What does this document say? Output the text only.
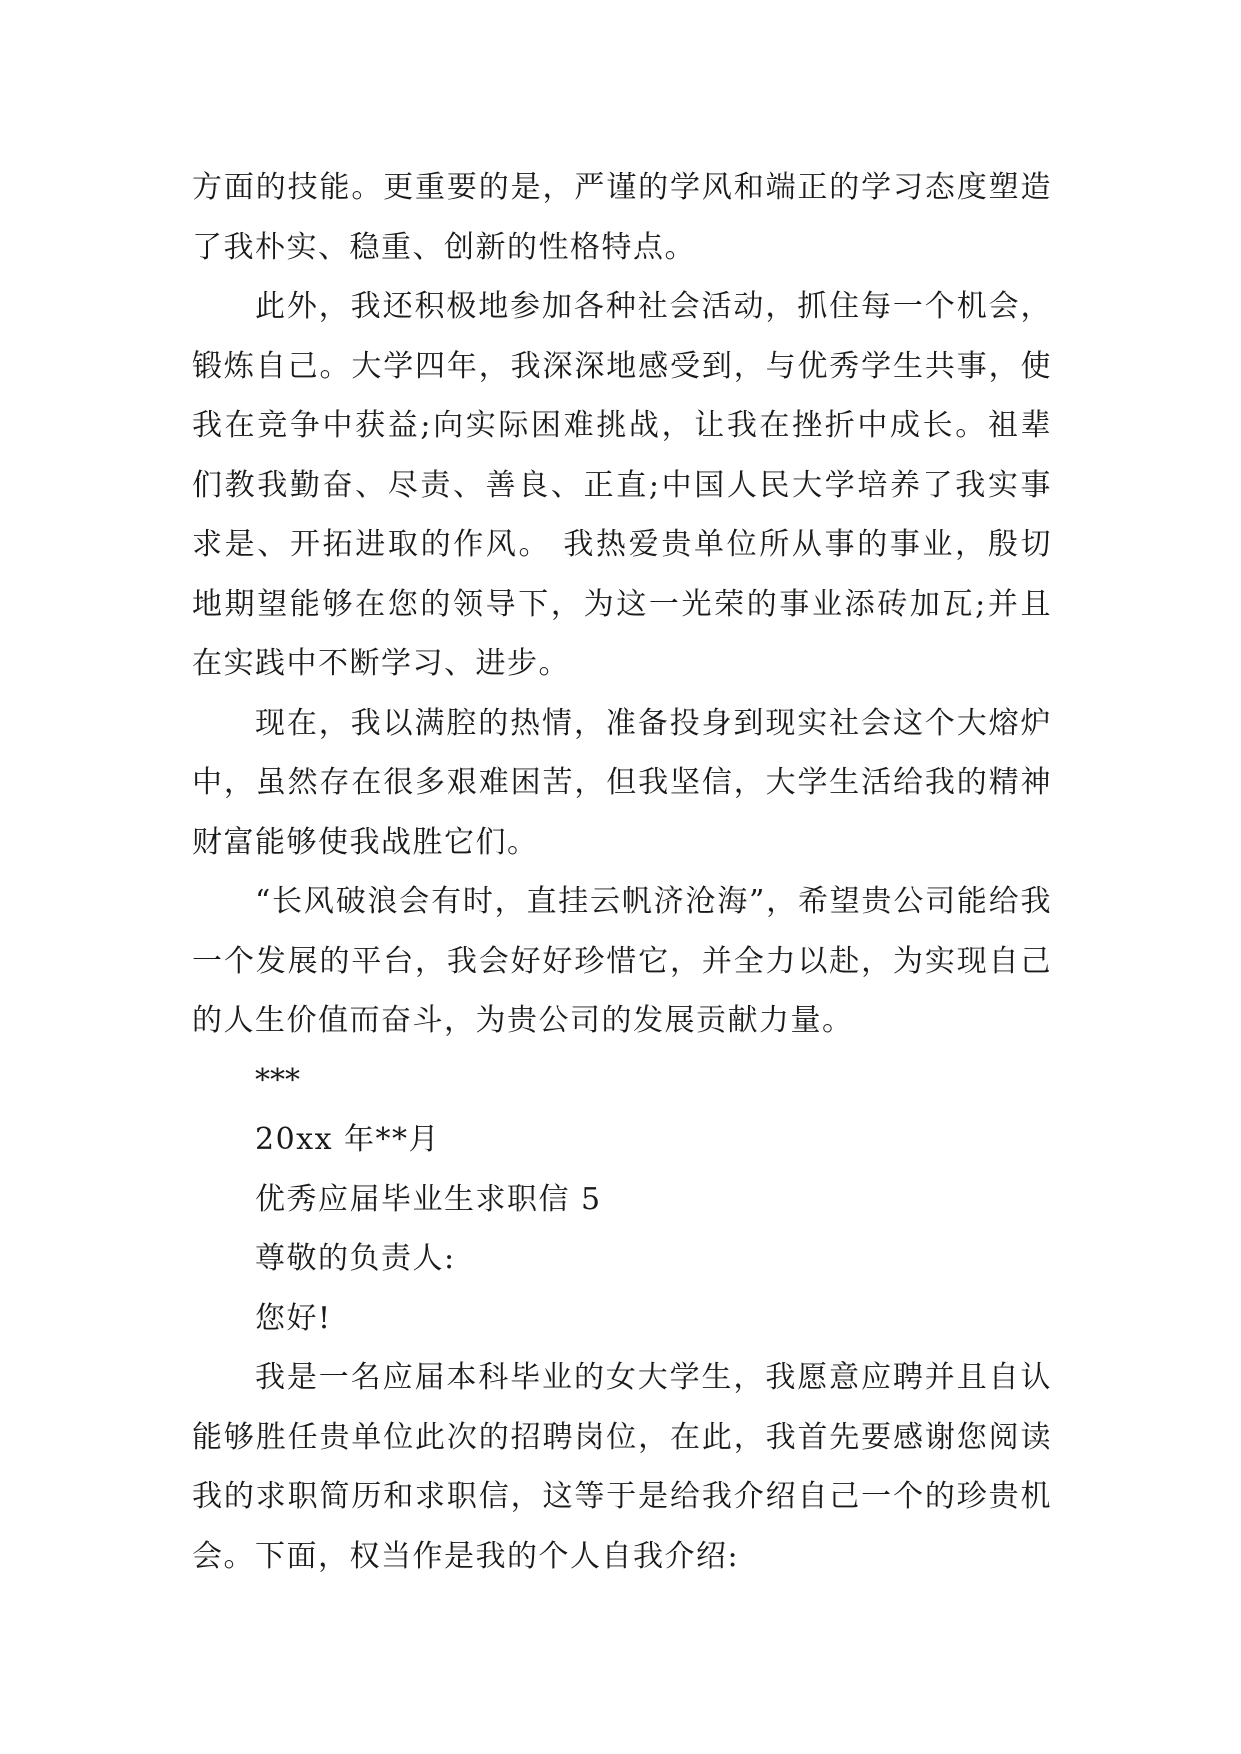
方面的技能。更重要的是，严谨的学风和端正的学习态度塑造了我朴实、稳重、创新的性格特点。

此外，我还积极地参加各种社会活动，抓住每一个机会，锻炼自己。大学四年，我深深地感受到，与优秀学生共事，使我在竞争中获益;向实际困难挑战，让我在挫折中成长。祖辈们教我勤奋、尽责、善良、正直;中国人民大学培养了我实事求是、开拓进取的作风。 我热爱贵单位所从事的事业，殷切地期望能够在您的领导下，为这一光荣的事业添砖加瓦;并且在实践中不断学习、进步。

现在，我以满腔的热情，准备投身到现实社会这个大熔炉中，虽然存在很多艰难困苦，但我坚信，大学生活给我的精神财富能够使我战胜它们。

“长风破浪会有时，直挂云帆济沧海”，希望贵公司能给我一个发展的平台，我会好好珍惜它，并全力以赴，为实现自己的人生价值而奋斗，为贵公司的发展贡献力量。

***

20xx 年**月

优秀应届毕业生求职信 5

尊敬的负责人:

您好!

我是一名应届本科毕业的女大学生，我愿意应聘并且自认能够胜任贵单位此次的招聘岗位，在此，我首先要感谢您阅读我的求职简历和求职信，这等于是给我介绍自己一个的珍贵机会。下面，权当作是我的个人自我介绍:
